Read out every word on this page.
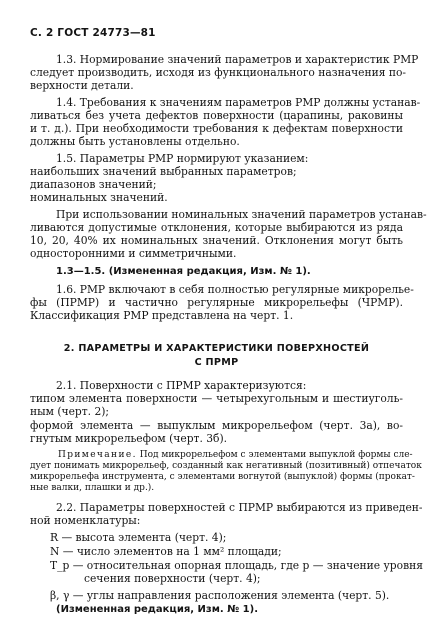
С. 2 ГОСТ 24773—81
1.3. Нормирование значений параметров и характеристик РМР
следует производить, исходя из функционального назначения по-
верхности детали.
1.4. Требования к значениям параметров РМР должны устанав-
ливаться без учета дефектов поверхности (царапины, раковины
и т. д.). При необходимости требования к дефектам поверхности
должны быть установлены отдельно.
1.5. Параметры РМР нормируют указанием:
наибольших значений выбранных параметров;
диапазонов значений;
номинальных значений.
При использовании номинальных значений параметров устанав-
ливаются допустимые отклонения, которые выбираются из ряда
10, 20, 40% их номинальных значений. Отклонения могут быть
односторонними и симметричными.
1.3—1.5. (Измененная редакция, Изм. № 1).
1.6. РМР включают в себя полностью регулярные микрорелье-
фы (ПРМР) и частично регулярные микрорельефы (ЧРМР).
Классификация РМР представлена на черт. 1.
2. ПАРАМЕТРЫ И ХАРАКТЕРИСТИКИ ПОВЕРХНОСТЕЙ
С ПРМР
2.1. Поверхности с ПРМР характеризуются:
типом элемента поверхности — четырехугольным и шестиуголь-
ным (черт. 2);
формой элемента — выпуклым микрорельефом (черт. 3а), во-
гнутым микрорельефом (черт. 3б).
Примечание. Под микрорельефом с элементами выпуклой формы сле-
дует понимать микрорельеф, созданный как негативный (позитивный) отпечаток
микрорельефа инструмента, с элементами вогнутой (выпуклой) формы (прокат-
ные валки, плашки и др.).
2.2. Параметры поверхностей с ПРМР выбираются из приведен-
ной номенклатуры:
R — высота элемента (черт. 4);
N — число элементов на 1 мм² площади;
T_p — относительная опорная площадь, где p — значение уровня
сечения поверхности (черт. 4);
β, γ — углы направления расположения элемента (черт. 5).
(Измененная редакция, Изм. № 1).
